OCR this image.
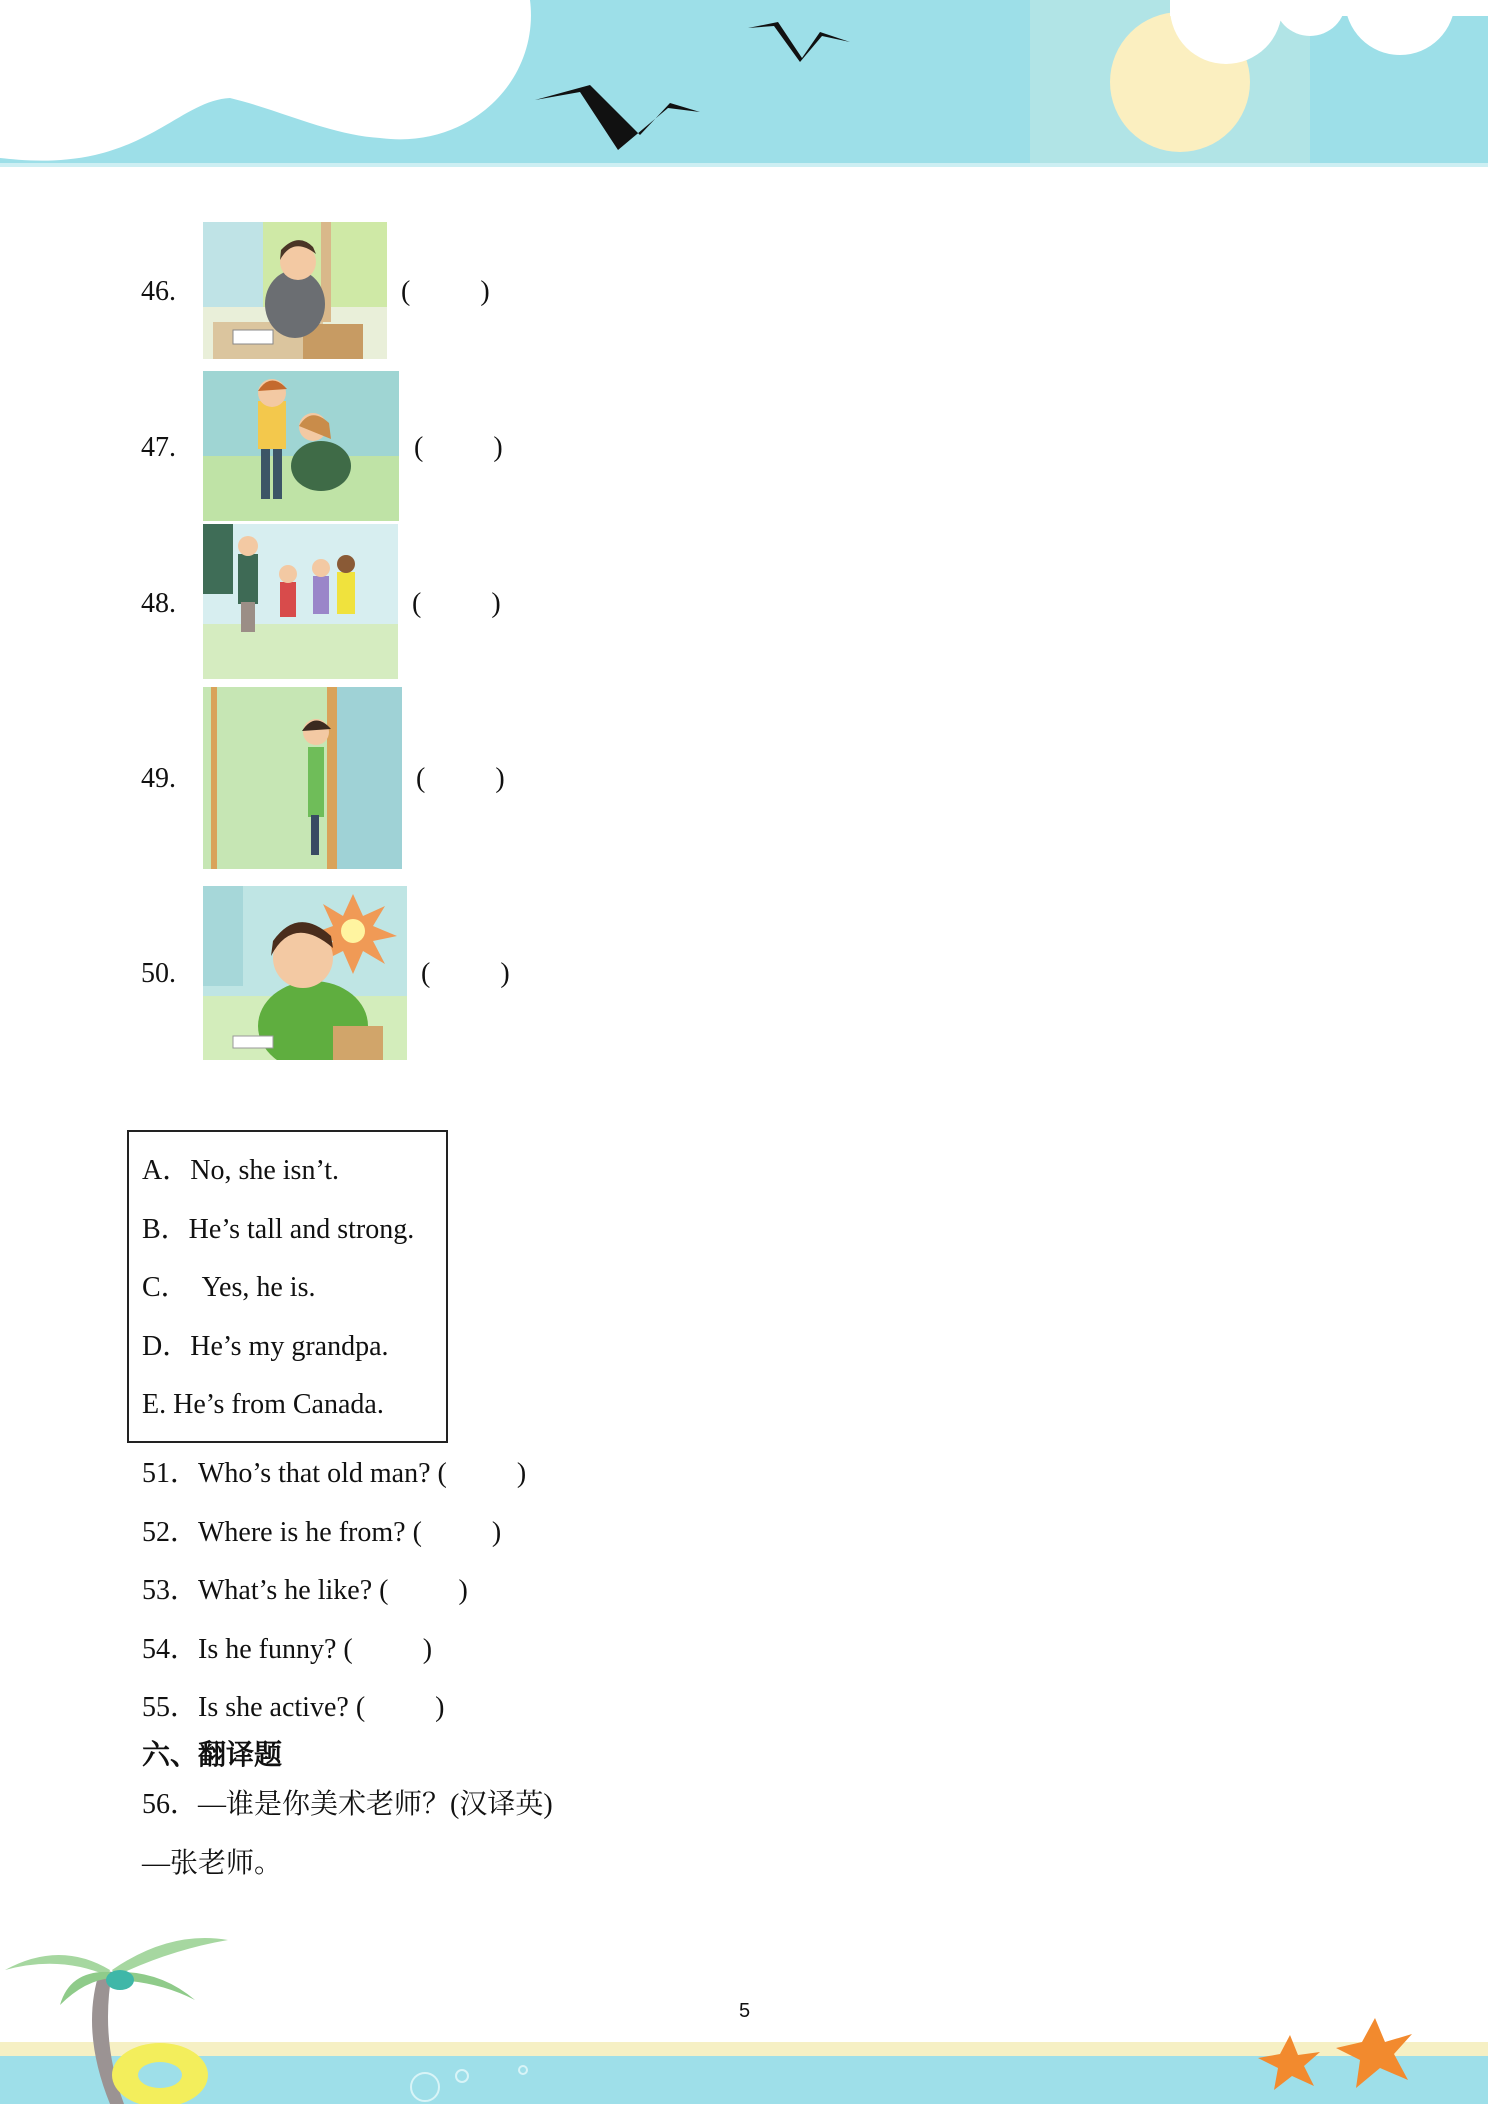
46.	(          )
47.	(          )
48.	(          )
49.	(          )
50.	(          )
A．No, she isn’t.
B．He’s tall and strong.
C．  Yes, he is.
D．He’s my grandpa.
E. He’s from Canada.
51．Who’s that old man? (          )
52．Where is he from? (          )
53．What’s he like? (          )
54．Is he funny? (          )
55．Is she active? (          )
六、翻译题
56．—谁是你美术老师？(汉译英)
—张老师。
5
